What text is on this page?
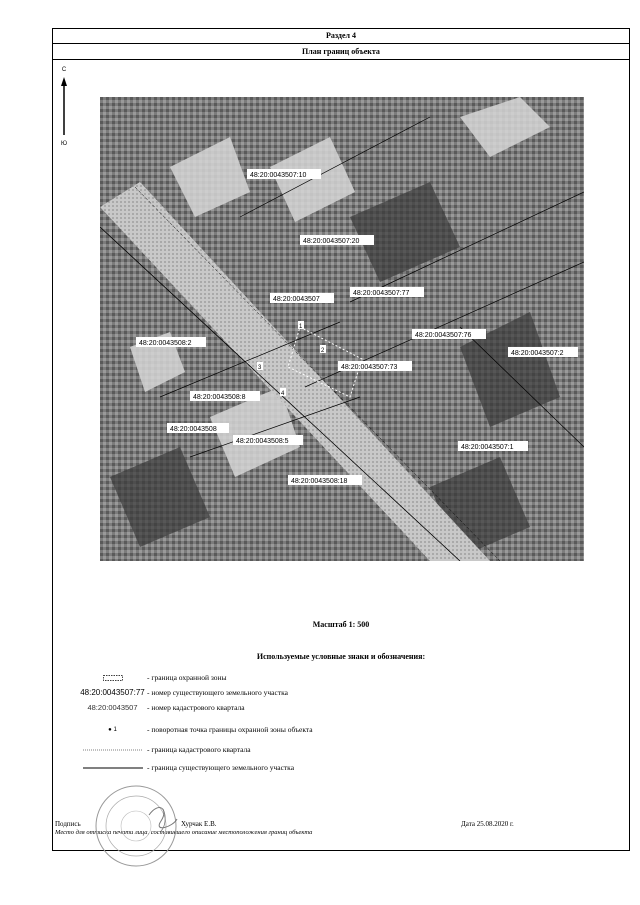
Раздел 4
План границ объекта
С
Ю
48:20:0043507:10
48:20:0043507:20
48:20:0043507
48:20:0043507:77
48:20:0043507:76
48:20:0043507:2
48:20:0043508:2
48:20:0043507:73
48:20:0043508:8
48:20:0043508
48:20:0043508:5
48:20:0043507:1
48:20:0043508:18
1
2
3
4
Масштаб 1: 500
Используемые условные знаки и обозначения:
- граница охранной зоны
48:20:0043507:77 - номер существующего земельного участка
48:20:0043507	- номер кадастрового квартала
● 1	- поворотная точка границы охранной зоны объекта
- граница кадастрового квартала
- граница существующего земельного участка
Подпись	Хурчак Е.В.	Дата 25.08.2020 г.
Место для оттиска печати лица, составившего описание местоположения границ объекта
